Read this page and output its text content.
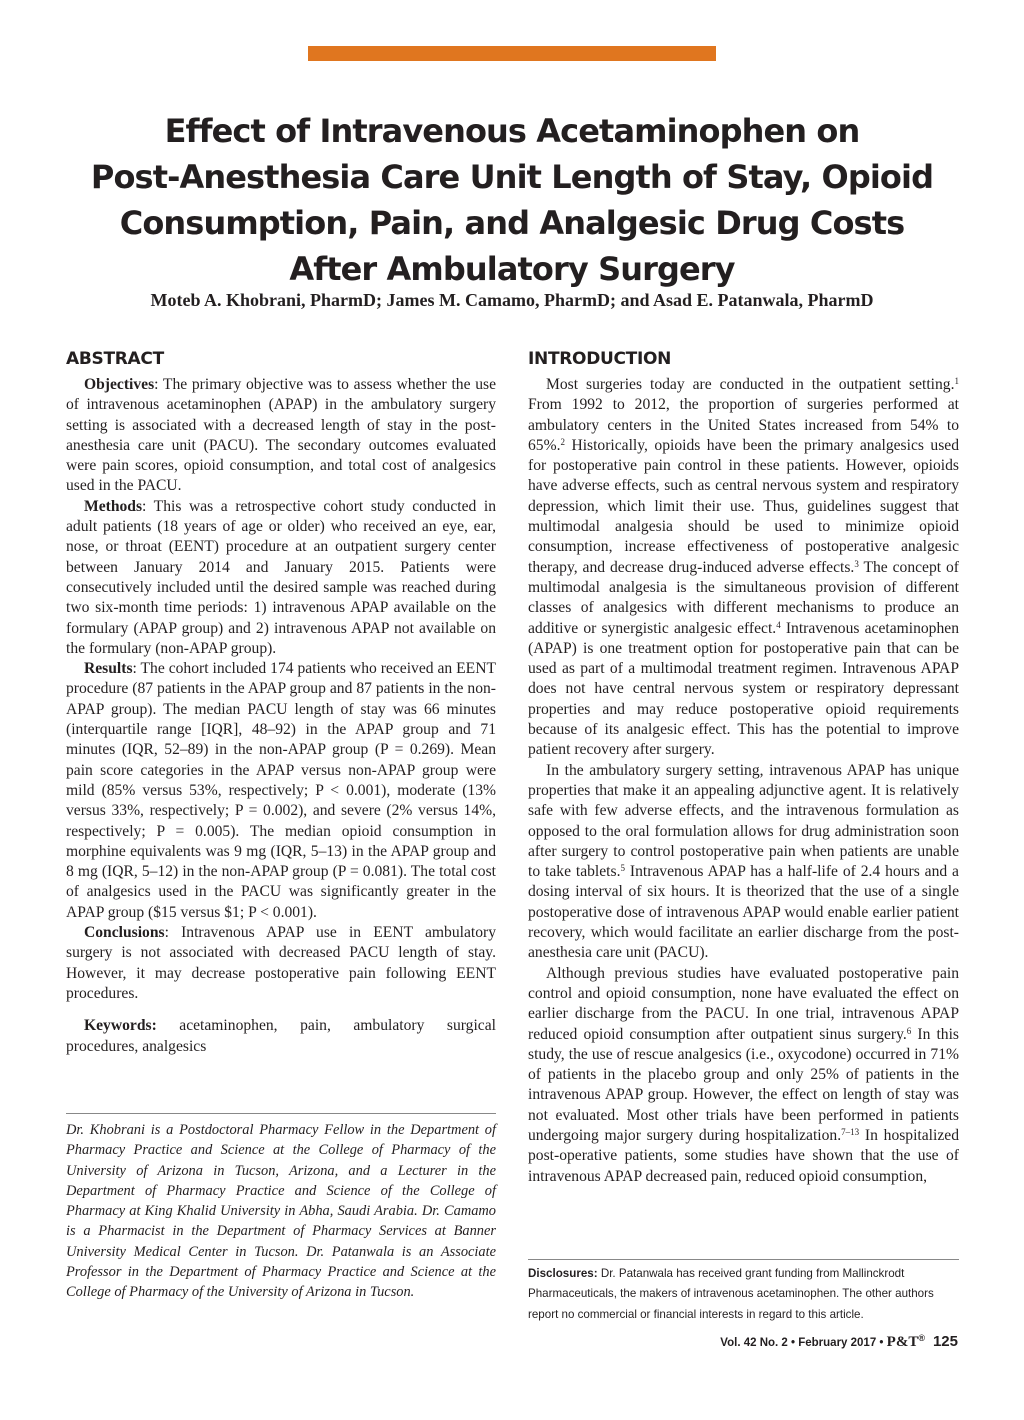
Effect of Intravenous Acetaminophen on
Post-Anesthesia Care Unit Length of Stay, Opioid
Consumption, Pain, and Analgesic Drug Costs
After Ambulatory Surgery
Moteb A. Khobrani, PharmD; James M. Camamo, PharmD; and Asad E. Patanwala, PharmD
ABSTRACT

Objectives: The primary objective was to assess whether the use of intravenous acetaminophen (APAP) in the ambulatory surgery setting is associated with a decreased length of stay in the post-anesthesia care unit (PACU). The secondary outcomes evaluated were pain scores, opioid consumption, and total cost of analgesics used in the PACU.

Methods: This was a retrospective cohort study conducted in adult patients (18 years of age or older) who received an eye, ear, nose, or throat (EENT) procedure at an outpatient surgery center between January 2014 and January 2015. Patients were consecutively included until the desired sample was reached during two six-month time periods: 1) intravenous APAP available on the formulary (APAP group) and 2) intravenous APAP not available on the formulary (non-APAP group).

Results: The cohort included 174 patients who received an EENT procedure (87 patients in the APAP group and 87 patients in the non-APAP group). The median PACU length of stay was 66 minutes (interquartile range [IQR], 48–92) in the APAP group and 71 minutes (IQR, 52–89) in the non-APAP group (P = 0.269). Mean pain score categories in the APAP versus non-APAP group were mild (85% versus 53%, respectively; P < 0.001), moderate (13% versus 33%, respectively; P = 0.002), and severe (2% versus 14%, respectively; P = 0.005). The median opioid consumption in morphine equivalents was 9 mg (IQR, 5–13) in the APAP group and 8 mg (IQR, 5–12) in the non-APAP group (P = 0.081). The total cost of analgesics used in the PACU was significantly greater in the APAP group ($15 versus $1; P < 0.001).

Conclusions: Intravenous APAP use in EENT ambulatory surgery is not associated with decreased PACU length of stay. However, it may decrease postoperative pain following EENT procedures.

Keywords: acetaminophen, pain, ambulatory surgical procedures, analgesics

Dr. Khobrani is a Postdoctoral Pharmacy Fellow in the Department of Pharmacy Practice and Science at the College of Pharmacy of the University of Arizona in Tucson, Arizona, and a Lecturer in the Department of Pharmacy Practice and Science of the College of Pharmacy at King Khalid University in Abha, Saudi Arabia. Dr. Camamo is a Pharmacist in the Department of Pharmacy Services at Banner University Medical Center in Tucson. Dr. Patanwala is an Associate Professor in the Department of Pharmacy Practice and Science at the College of Pharmacy of the University of Arizona in Tucson.
INTRODUCTION

Most surgeries today are conducted in the outpatient setting.$^1$ From 1992 to 2012, the proportion of surgeries performed at ambulatory centers in the United States increased from 54% to 65%.$^2$ Historically, opioids have been the primary analgesics used for postoperative pain control in these patients. However, opioids have adverse effects, such as central nervous system and respiratory depression, which limit their use. Thus, guidelines suggest that multimodal analgesia should be used to minimize opioid consumption, increase effectiveness of postoperative analgesic therapy, and decrease drug-induced adverse effects.$^3$ The concept of multimodal analgesia is the simultaneous provision of different classes of analgesics with different mechanisms to produce an additive or synergistic analgesic effect.$^4$ Intravenous acetaminophen (APAP) is one treatment option for postoperative pain that can be used as part of a multimodal treatment regimen. Intravenous APAP does not have central nervous system or respiratory depressant properties and may reduce postoperative opioid requirements because of its analgesic effect. This has the potential to improve patient recovery after surgery.

In the ambulatory surgery setting, intravenous APAP has unique properties that make it an appealing adjunctive agent. It is relatively safe with few adverse effects, and the intravenous formulation as opposed to the oral formulation allows for drug administration soon after surgery to control postoperative pain when patients are unable to take tablets.$^5$ Intravenous APAP has a half-life of 2.4 hours and a dosing interval of six hours. It is theorized that the use of a single postoperative dose of intravenous APAP would enable earlier patient recovery, which would facilitate an earlier discharge from the post-anesthesia care unit (PACU).

Although previous studies have evaluated postoperative pain control and opioid consumption, none have evaluated the effect on earlier discharge from the PACU. In one trial, intravenous APAP reduced opioid consumption after outpatient sinus surgery.$^6$ In this study, the use of rescue analgesics (i.e., oxycodone) occurred in 71% of patients in the placebo group and only 25% of patients in the intravenous APAP group. However, the effect on length of stay was not evaluated. Most other trials have been performed in patients undergoing major surgery during hospitalization.$^{7-13}$ In hospitalized post-operative patients, some studies have shown that the use of intravenous APAP decreased pain, reduced opioid consumption,

Disclosures: Dr. Patanwala has received grant funding from Mallinckrodt Pharmaceuticals, the makers of intravenous acetaminophen. The other authors report no commercial or financial interests in regard to this article.
Vol. 42 No. 2 • February 2017 • P&T® 125
